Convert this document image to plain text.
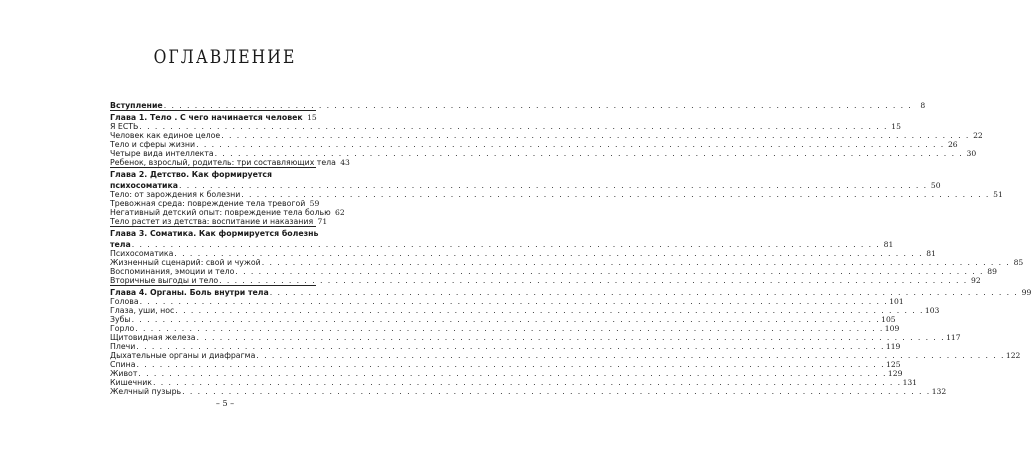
ОГЛАВЛЕНИЕ
Вступление . . .	8
Глава 1. Тело . С чего начинается человек 15
Я ЕСТЬ . . .	15
Человек как единое целое . . .	22
Тело и сферы жизни . . .	26
Четыре вида интеллекта . . .	30
Ребенок, взрослый, родитель: три составляющих тела 43
Глава 2. Детство. Как формируется
психосоматика . . .	50
Тело: от зарождения к болезни . . .	51
Тревожная среда: повреждение тела тревогой 59
Негативный детский опыт: повреждение тела болью 62
Тело растет из детства: воспитание и наказания 71
Глава 3. Соматика. Как формируется болезнь
тела . . .	81
Психосоматика . . .	81
Жизненный сценарий: свой и чужой . . .	85
Воспоминания, эмоции и тело . . .	89
Вторичные выгоды и тело . . .	92
Глава 4. Органы. Боль внутри тела . . .	99
Голова . . .	101
Глаза, уши, нос . . .	103
Зубы . . .	105
Горло . . .	109
Щитовидная железа . . .	117
Плечи . . .	119
Дыхательные органы и диафрагма . . .	122
Спина . . .	125
Живот . . .	129
Кишечник . . .	131
Желчный пузырь . . .	132
– 5 –
